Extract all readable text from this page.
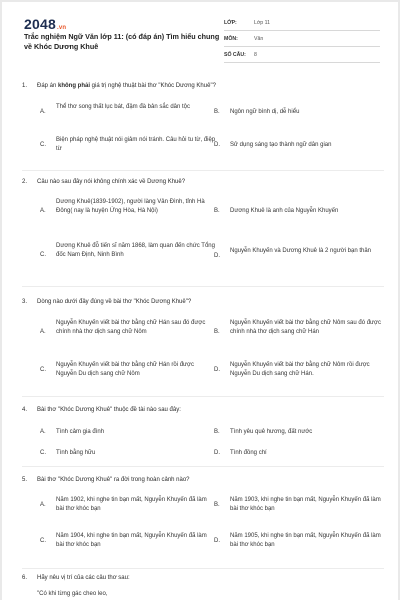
2048.vn
Trắc nghiệm Ngữ Văn lớp 11: (có đáp án) Tìm hiểu chung về Khóc Dương Khuê
LỚP:	Lớp 11
MÔN:	Văn
SỐ CÂU:	8
1. Đáp án không phải giá trị nghệ thuật bài thơ "Khóc Dương Khuê"?
A.
Thể thơ song thất lục bát, đậm đà bản sắc dân tộc
B. Ngôn ngữ bình dị, dễ hiểu
C.
Biện pháp nghệ thuật nói giảm nói tránh. Câu hỏi tu từ, điệp từ
D. Sử dụng sáng tạo thành ngữ dân gian
2. Câu nào sau đây nói không chính xác về Dương Khuê?
A.
Dương Khuê(1839-1902), người làng Vân Đình, tỉnh Hà Đông( nay là huyện Ứng Hòa, Hà Nội)	B. Dương Khuê là anh của Nguyễn Khuyến
C.
Dương Khuê đỗ tiến sĩ năm 1868, làm quan đến chức Tổng đốc Nam Định, Ninh Bình	D.
Nguyễn Khuyến và Dương Khuê là 2 người bạn thân
3. Dòng nào dưới đây đúng về bài thơ "Khóc Dương Khuê"?
A.
Nguyễn Khuyến viết bài thơ bằng chữ Hán sau đó được chính nhà thơ dịch sang chữ Nôm	B.
Nguyễn Khuyến viết bài thơ bằng chữ Nôm sau đó được chính nhà thơ dịch sang chữ Hán
C.
Nguyễn Khuyến viết bài thơ bằng chữ Hán rồi được Nguyễn Du dịch sang chữ Nôm
D.
Nguyễn Khuyến viết bài thơ bằng chữ Nôm rồi được Nguyễn Du dịch sang chữ Hán.
4. Bài thơ "Khóc Dương Khuê" thuộc đề tài nào sau đây:
A. Tình cảm gia đình	B. Tình yêu quê hương, đất nước
C. Tình bằng hữu	D. Tình đồng chí
5. Bài thơ "Khóc Dương Khuê" ra đời trong hoàn cảnh nào?
A.
Năm 1902, khi nghe tin bạn mất, Nguyễn Khuyến đã làm bài thơ khóc bạn
B.
Năm 1903, khi nghe tin bạn mất, Nguyễn Khuyến đã làm bài thơ khóc bạn
C.
Năm 1904, khi nghe tin bạn mất, Nguyễn Khuyến đã làm bài thơ khóc bạn
D.
Năm 1905, khi nghe tin bạn mất, Nguyễn Khuyến đã làm bài thơ khóc bạn
6. Hãy nêu vị trí của các câu thơ sau:
"Có khi từng gác cheo leo,
